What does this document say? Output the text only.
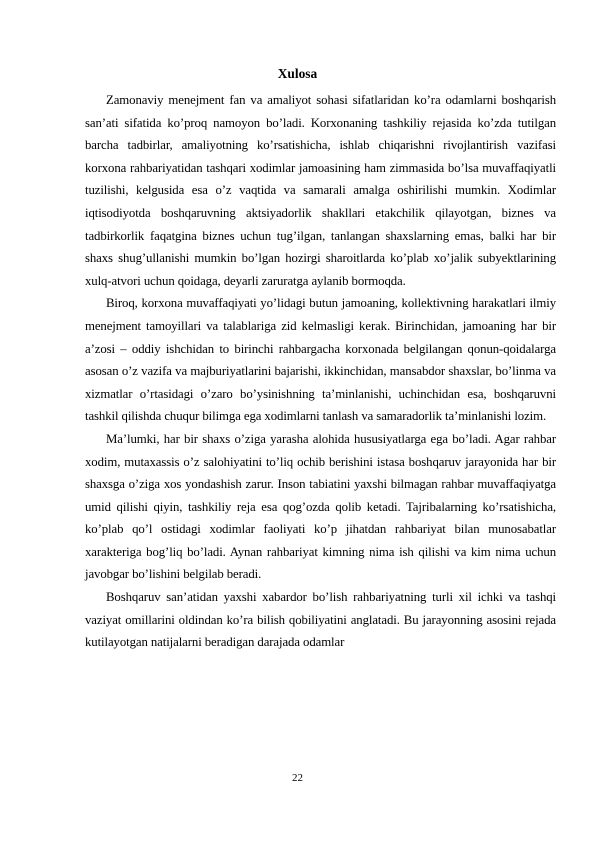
Xulosa

Zamonaviy menejment fan va amaliyot sohasi sifatlaridan ko’ra odamlarni boshqarish san’ati sifatida ko’proq namoyon bo’ladi. Korxonaning tashkiliy rejasida ko’zda tutilgan barcha tadbirlar, amaliyotning ko’rsatishicha, ishlab chiqarishni rivojlantirish vazifasi korxona rahbariyatidan tashqari xodimlar jamoasining ham zimmasida bo’lsa muvaffaqiyatli tuzilishi, kelgusida esa o’z vaqtida va samarali amalga oshirilishi mumkin. Xodimlar iqtisodiyotda boshqaruvning aktsiyadorlik shakllari etakchilik qilayotgan, biznes va tadbirkorlik faqatgina biznes uchun tug’ilgan, tanlangan shaxslarning emas, balki har bir shaxs shug’ullanishi mumkin bo’lgan hozirgi sharoitlarda ko’plab xo’jalik subyektlarining xulq-atvori uchun qoidaga, deyarli zaruratga aylanib bormoqda.

Biroq, korxona muvaffaqiyati yo’lidagi butun jamoaning, kollektivning harakatlari ilmiy menejment tamoyillari va talablariga zid kelmasligi kerak. Birinchidan, jamoaning har bir a’zosi – oddiy ishchidan to birinchi rahbargacha korxonada belgilangan qonun-qoidalarga asosan o’z vazifa va majburiyatlarini bajarishi, ikkinchidan, mansabdor shaxslar, bo’linma va xizmatlar o’rtasidagi o’zaro bo’ysinishning ta’minlanishi, uchinchidan esa, boshqaruvni tashkil qilishda chuqur bilimga ega xodimlarni tanlash va samaradorlik ta’minlanishi lozim.

Ma’lumki, har bir shaxs o’ziga yarasha alohida hususiyatlarga ega bo’ladi. Agar rahbar xodim, mutaxassis o’z salohiyatini to’liq ochib berishini istasa boshqaruv jarayonida har bir shaxsga o’ziga xos yondashish zarur. Inson tabiatini yaxshi bilmagan rahbar muvaffaqiyatga umid qilishi qiyin, tashkiliy reja esa qog’ozda qolib ketadi. Tajribalarning ko’rsatishicha, ko’plab qo’l ostidagi xodimlar faoliyati ko’p jihatdan rahbariyat bilan munosabatlar xarakteriga bog’liq bo’ladi. Aynan rahbariyat kimning nima ish qilishi va kim nima uchun javobgar bo’lishini belgilab beradi.

Boshqaruv san’atidan yaxshi xabardor bo’lish rahbariyatning turli xil ichki va tashqi vaziyat omillarini oldindan ko’ra bilish qobiliyatini anglatadi. Bu jarayonning asosini rejada kutilayotgan natijalarni beradigan darajada odamlar

22
